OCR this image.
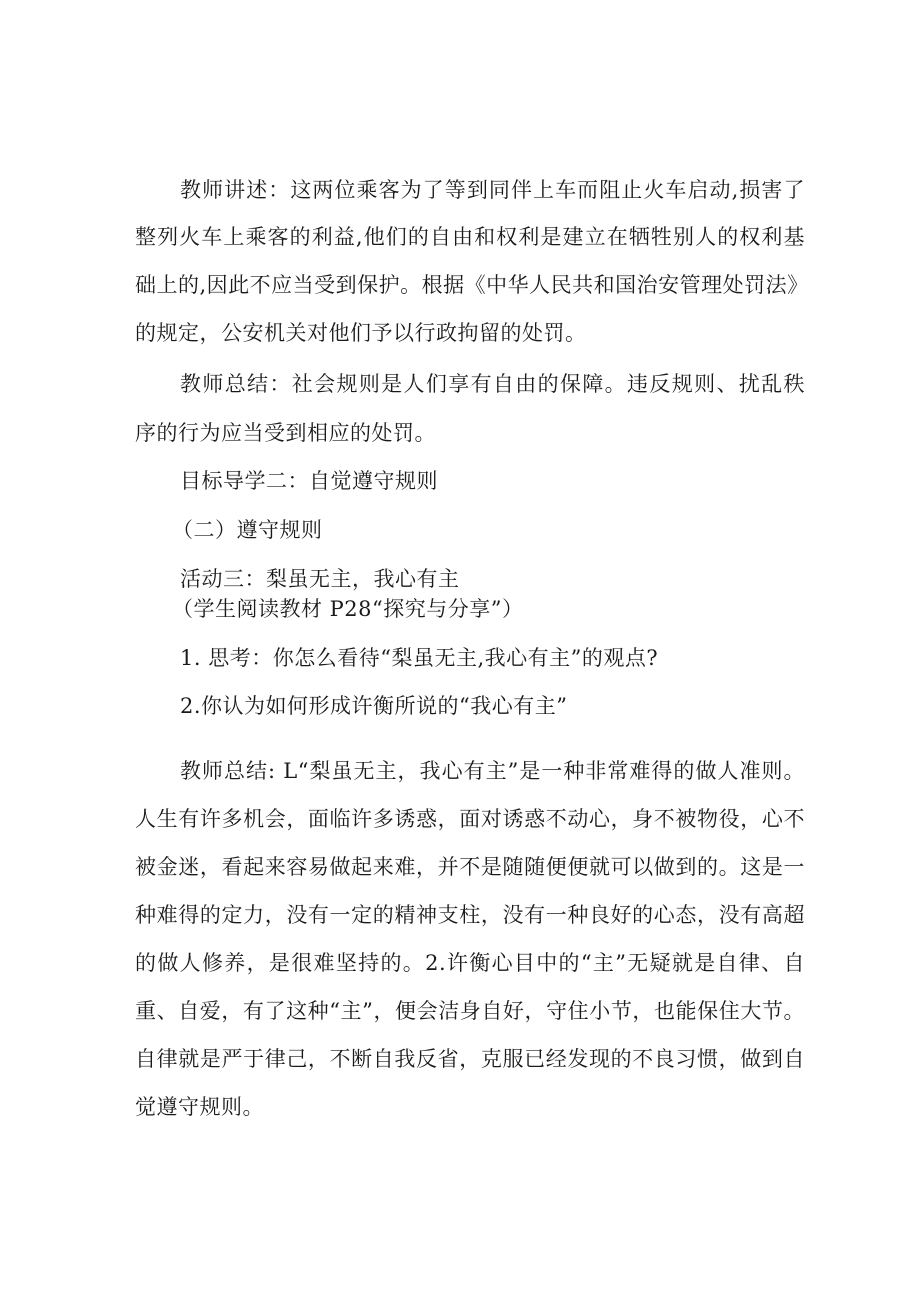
教师讲述：这两位乘客为了等到同伴上车而阻止火车启动,损害了
整列火车上乘客的利益,他们的自由和权利是建立在牺牲别人的权利基
础上的,因此不应当受到保护。根据《中华人民共和国治安管理处罚法》
的规定，公安机关对他们予以行政拘留的处罚。
教师总结：社会规则是人们享有自由的保障。违反规则、扰乱秩
序的行为应当受到相应的处罚。
目标导学二：自觉遵守规则
（二）遵守规则
活动三：梨虽无主，我心有主
（学生阅读教材 P28“探究与分享”）
1. 思考：你怎么看待“梨虽无主,我心有主”的观点?
2.你认为如何形成许衡所说的“我心有主”
教师总结: L“梨虽无主，我心有主”是一种非常难得的做人准则。
人生有许多机会，面临许多诱惑，面对诱惑不动心，身不被物役，心不
被金迷，看起来容易做起来难，并不是随随便便就可以做到的。这是一
种难得的定力，没有一定的精神支柱，没有一种良好的心态，没有高超
的做人修养，是很难坚持的。2.许衡心目中的“主”无疑就是自律、自
重、自爱，有了这种“主”，便会洁身自好，守住小节，也能保住大节。
自律就是严于律己，不断自我反省，克服已经发现的不良习惯，做到自
觉遵守规则。
